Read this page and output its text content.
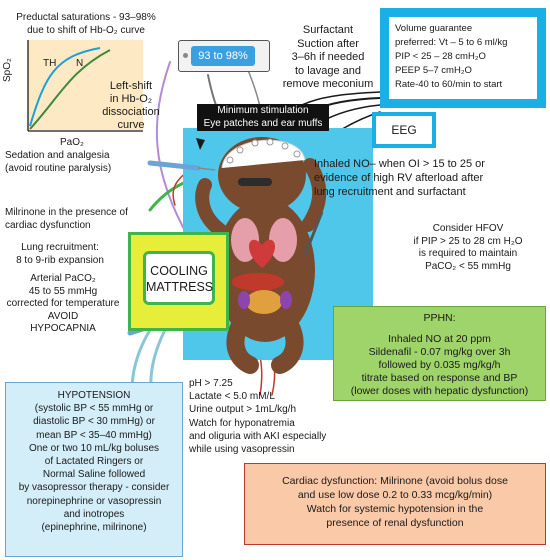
Preductal saturations - 93–98%
due to shift of Hb-O₂ curve
SpO₂
PaO₂
TH N
Left-shift
in Hb-O₂
dissociation
curve
93 to 98%
Surfactant
Suction after
3–6h if needed
to lavage and
remove meconium
Volume guarantee
preferred: Vt – 5 to 6 ml/kg
PIP < 25 – 28 cmH₂O
PEEP 5–7 cmH₂O
Rate-40 to 60/min to start
Minimum stimulation
Eye patches and ear muffs	EEG
Inhaled NO– when OI > 15 to 25 or
evidence of high RV afterload after
lung recruitment and surfactant
Sedation and analgesia
(avoid routine paralysis)
Milrinone in the presence of
cardiac dysfunction
Lung recruitment:
8 to 9-rib expansion
Arterial PaCO₂
45 to 55 mmHg
corrected for temperature
AVOID
HYPOCAPNIA
COOLING
MATTRESS
Consider HFOV
if PIP > 25 to 28 cm H₂O
is required to maintain
PaCO₂ < 55 mmHg
PPHN:
Inhaled NO at 20 ppm
Sildenafil - 0.07 mg/kg over 3h
followed by 0.035 mg/kg/h
titrate based on response and BP
(lower doses with hepatic dysfunction)
HYPOTENSION
(systolic BP < 55 mmHg or
diastolic BP < 30 mmHg) or
mean BP < 35–40 mmHg)
One or two 10 mL/kg boluses
of Lactated Ringers or
Normal Saline followed
by vasopressor therapy - consider
norepinephrine or vasopressin
and inotropes
(epinephrine, milrinone)
pH > 7.25
Lactate < 5.0 mM/L
Urine output > 1mL/kg/h
Watch for hyponatremia
and oliguria with AKI especially
while using vasopressin
Cardiac dysfunction: Milrinone (avoid bolus dose
and use low dose 0.2 to 0.33 mcg/kg/min)
Watch for systemic hypotension in the
presence of renal dysfunction
